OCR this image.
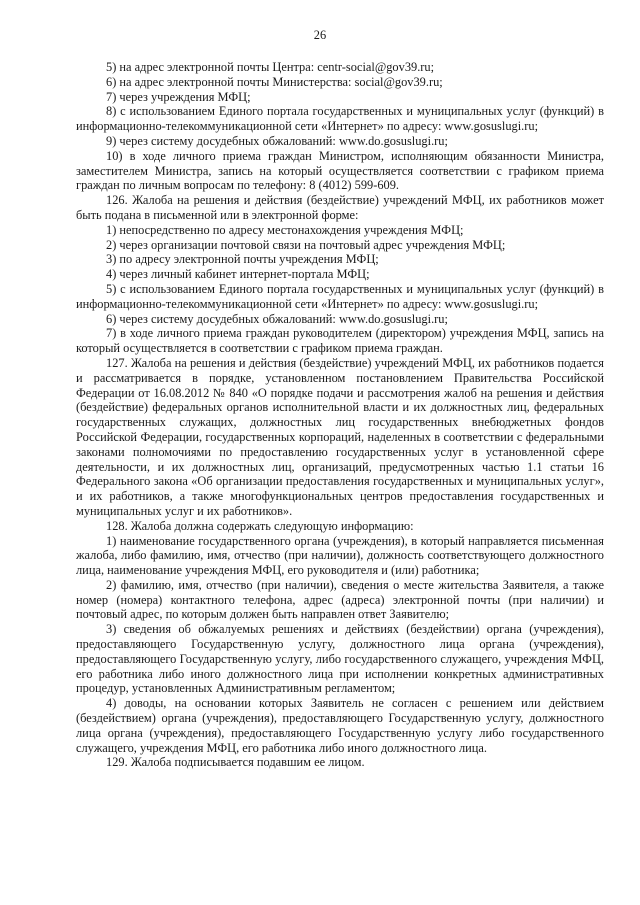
26

5) на адрес электронной почты Центра: centr-social@gov39.ru;

6) на адрес электронной почты Министерства: social@gov39.ru;

7) через учреждения МФЦ;

8) с использованием Единого портала государственных и муниципальных услуг (функций) в информационно-телекоммуникационной сети «Интернет» по адресу: www.gosuslugi.ru;

9) через систему досудебных обжалований: www.do.gosuslugi.ru;

10) в ходе личного приема граждан Министром, исполняющим обязанности Министра, заместителем Министра, запись на который осуществляется соответствии с графиком приема граждан по личным вопросам по телефону: 8 (4012) 599-609.

126. Жалоба на решения и действия (бездействие) учреждений МФЦ, их работников может быть подана в письменной или в электронной форме:

1) непосредственно по адресу местонахождения учреждения МФЦ;

2) через организации почтовой связи на почтовый адрес учреждения МФЦ;

3) по адресу электронной почты учреждения МФЦ;

4) через личный кабинет интернет-портала МФЦ;

5) с использованием Единого портала государственных и муниципальных услуг (функций) в информационно-телекоммуникационной сети «Интернет» по адресу: www.gosuslugi.ru;

6) через систему досудебных обжалований: www.do.gosuslugi.ru;

7) в ходе личного приема граждан руководителем (директором) учреждения МФЦ, запись на который осуществляется в соответствии с графиком приема граждан.

127. Жалоба на решения и действия (бездействие) учреждений МФЦ, их работников подается и рассматривается в порядке, установленном постановлением Правительства Российской Федерации от 16.08.2012 № 840 «О порядке подачи и рассмотрения жалоб на решения и действия (бездействие) федеральных органов исполнительной власти и их должностных лиц, федеральных государственных служащих, должностных лиц государственных внебюджетных фондов Российской Федерации, государственных корпораций, наделенных в соответствии с федеральными законами полномочиями по предоставлению государственных услуг в установленной сфере деятельности, и их должностных лиц, организаций, предусмотренных частью 1.1 статьи 16 Федерального закона «Об организации предоставления государственных и муниципальных услуг», и их работников, а также многофункциональных центров предоставления государственных и муниципальных услуг и их работников».

128. Жалоба должна содержать следующую информацию:

1) наименование государственного органа (учреждения), в который направляется письменная жалоба, либо фамилию, имя, отчество (при наличии), должность соответствующего должностного лица, наименование учреждения МФЦ, его руководителя и (или) работника;

2) фамилию, имя, отчество (при наличии), сведения о месте жительства Заявителя, а также номер (номера) контактного телефона, адрес (адреса) электронной почты (при наличии) и почтовый адрес, по которым должен быть направлен ответ Заявителю;

3) сведения об обжалуемых решениях и действиях (бездействии) органа (учреждения), предоставляющего Государственную услугу, должностного лица органа (учреждения), предоставляющего Государственную услугу, либо государственного служащего, учреждения МФЦ, его работника либо иного должностного лица при исполнении конкретных административных процедур, установленных Административным регламентом;

4) доводы, на основании которых Заявитель не согласен с решением или действием (бездействием) органа (учреждения), предоставляющего Государственную услугу, должностного лица органа (учреждения), предоставляющего Государственную услугу либо государственного служащего, учреждения МФЦ, его работника либо иного должностного лица.

129. Жалоба подписывается подавшим ее лицом.
